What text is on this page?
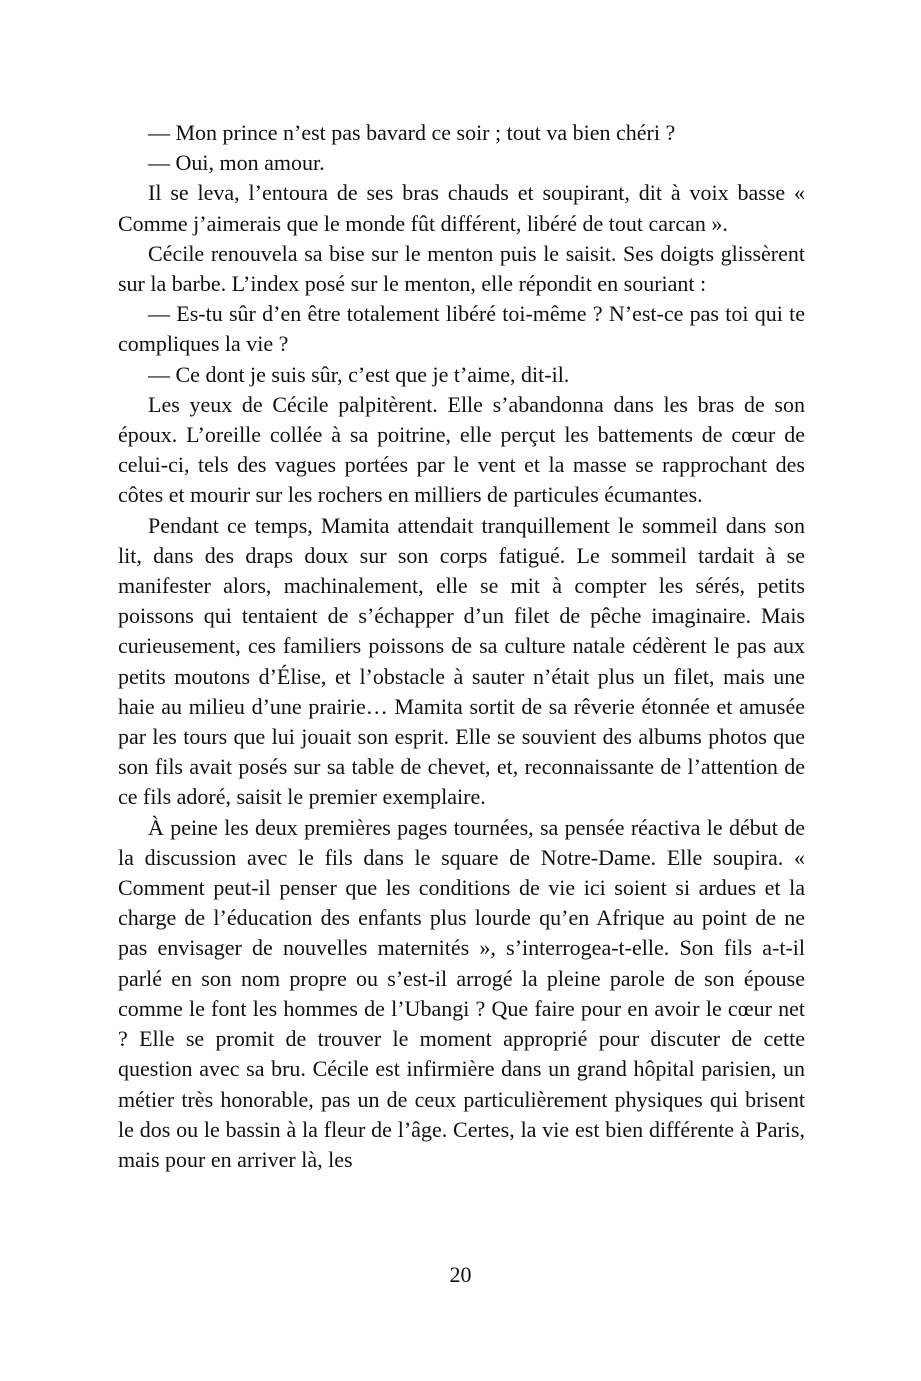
— Mon prince n’est pas bavard ce soir ; tout va bien chéri ?

— Oui, mon amour.

Il se leva, l’entoura de ses bras chauds et soupirant, dit à voix basse « Comme j’aimerais que le monde fût différent, libéré de tout carcan ».

Cécile renouvela sa bise sur le menton puis le saisit. Ses doigts glissèrent sur la barbe. L’index posé sur le menton, elle répondit en souriant :

— Es-tu sûr d’en être totalement libéré toi-même ? N’est-ce pas toi qui te compliques la vie ?

— Ce dont je suis sûr, c’est que je t’aime, dit-il.

Les yeux de Cécile palpitèrent. Elle s’abandonna dans les bras de son époux. L’oreille collée à sa poitrine, elle perçut les battements de cœur de celui-ci, tels des vagues portées par le vent et la masse se rapprochant des côtes et mourir sur les rochers en milliers de particules écumantes.

Pendant ce temps, Mamita attendait tranquillement le sommeil dans son lit, dans des draps doux sur son corps fatigué. Le sommeil tardait à se manifester alors, machinalement, elle se mit à compter les sérés, petits poissons qui tentaient de s’échapper d’un filet de pêche imaginaire. Mais curieusement, ces familiers poissons de sa culture natale cédèrent le pas aux petits moutons d’Élise, et l’obstacle à sauter n’était plus un filet, mais une haie au milieu d’une prairie… Mamita sortit de sa rêverie étonnée et amusée par les tours que lui jouait son esprit. Elle se souvient des albums photos que son fils avait posés sur sa table de chevet, et, reconnaissante de l’attention de ce fils adoré, saisit le premier exemplaire.

À peine les deux premières pages tournées, sa pensée réactiva le début de la discussion avec le fils dans le square de Notre-Dame. Elle soupira. « Comment peut-il penser que les conditions de vie ici soient si ardues et la charge de l’éducation des enfants plus lourde qu’en Afrique au point de ne pas envisager de nouvelles maternités », s’interrogea-t-elle. Son fils a-t-il parlé en son nom propre ou s’est-il arrogé la pleine parole de son épouse comme le font les hommes de l’Ubangi ? Que faire pour en avoir le cœur net ? Elle se promit de trouver le moment approprié pour discuter de cette question avec sa bru. Cécile est infirmière dans un grand hôpital parisien, un métier très honorable, pas un de ceux particulièrement physiques qui brisent le dos ou le bassin à la fleur de l’âge. Certes, la vie est bien différente à Paris, mais pour en arriver là, les

20
